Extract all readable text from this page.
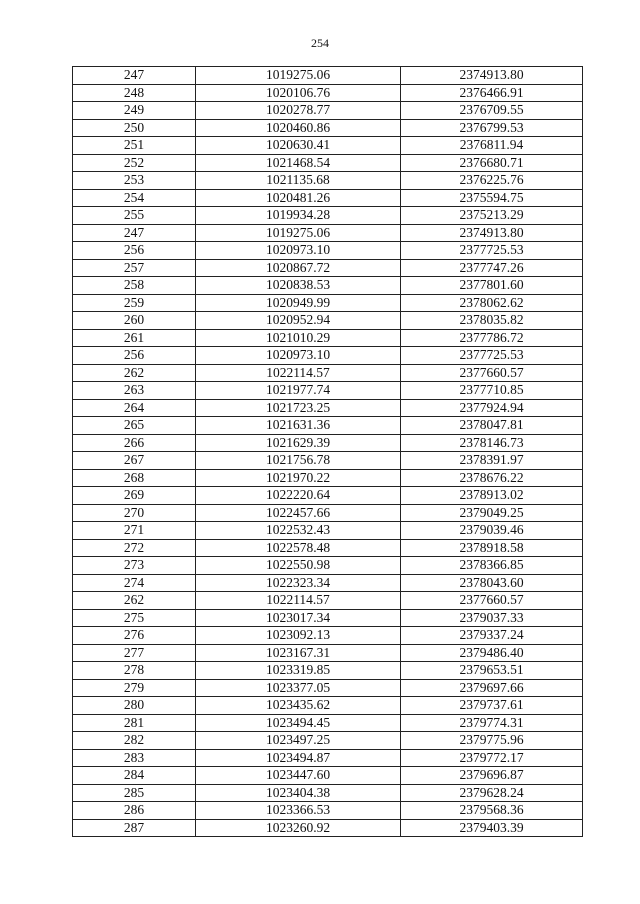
254
247	1019275.06	2374913.80
248	1020106.76	2376466.91
249	1020278.77	2376709.55
250	1020460.86	2376799.53
251	1020630.41	2376811.94
252	1021468.54	2376680.71
253	1021135.68	2376225.76
254	1020481.26	2375594.75
255	1019934.28	2375213.29
247	1019275.06	2374913.80
256	1020973.10	2377725.53
257	1020867.72	2377747.26
258	1020838.53	2377801.60
259	1020949.99	2378062.62
260	1020952.94	2378035.82
261	1021010.29	2377786.72
256	1020973.10	2377725.53
262	1022114.57	2377660.57
263	1021977.74	2377710.85
264	1021723.25	2377924.94
265	1021631.36	2378047.81
266	1021629.39	2378146.73
267	1021756.78	2378391.97
268	1021970.22	2378676.22
269	1022220.64	2378913.02
270	1022457.66	2379049.25
271	1022532.43	2379039.46
272	1022578.48	2378918.58
273	1022550.98	2378366.85
274	1022323.34	2378043.60
262	1022114.57	2377660.57
275	1023017.34	2379037.33
276	1023092.13	2379337.24
277	1023167.31	2379486.40
278	1023319.85	2379653.51
279	1023377.05	2379697.66
280	1023435.62	2379737.61
281	1023494.45	2379774.31
282	1023497.25	2379775.96
283	1023494.87	2379772.17
284	1023447.60	2379696.87
285	1023404.38	2379628.24
286	1023366.53	2379568.36
287	1023260.92	2379403.39
